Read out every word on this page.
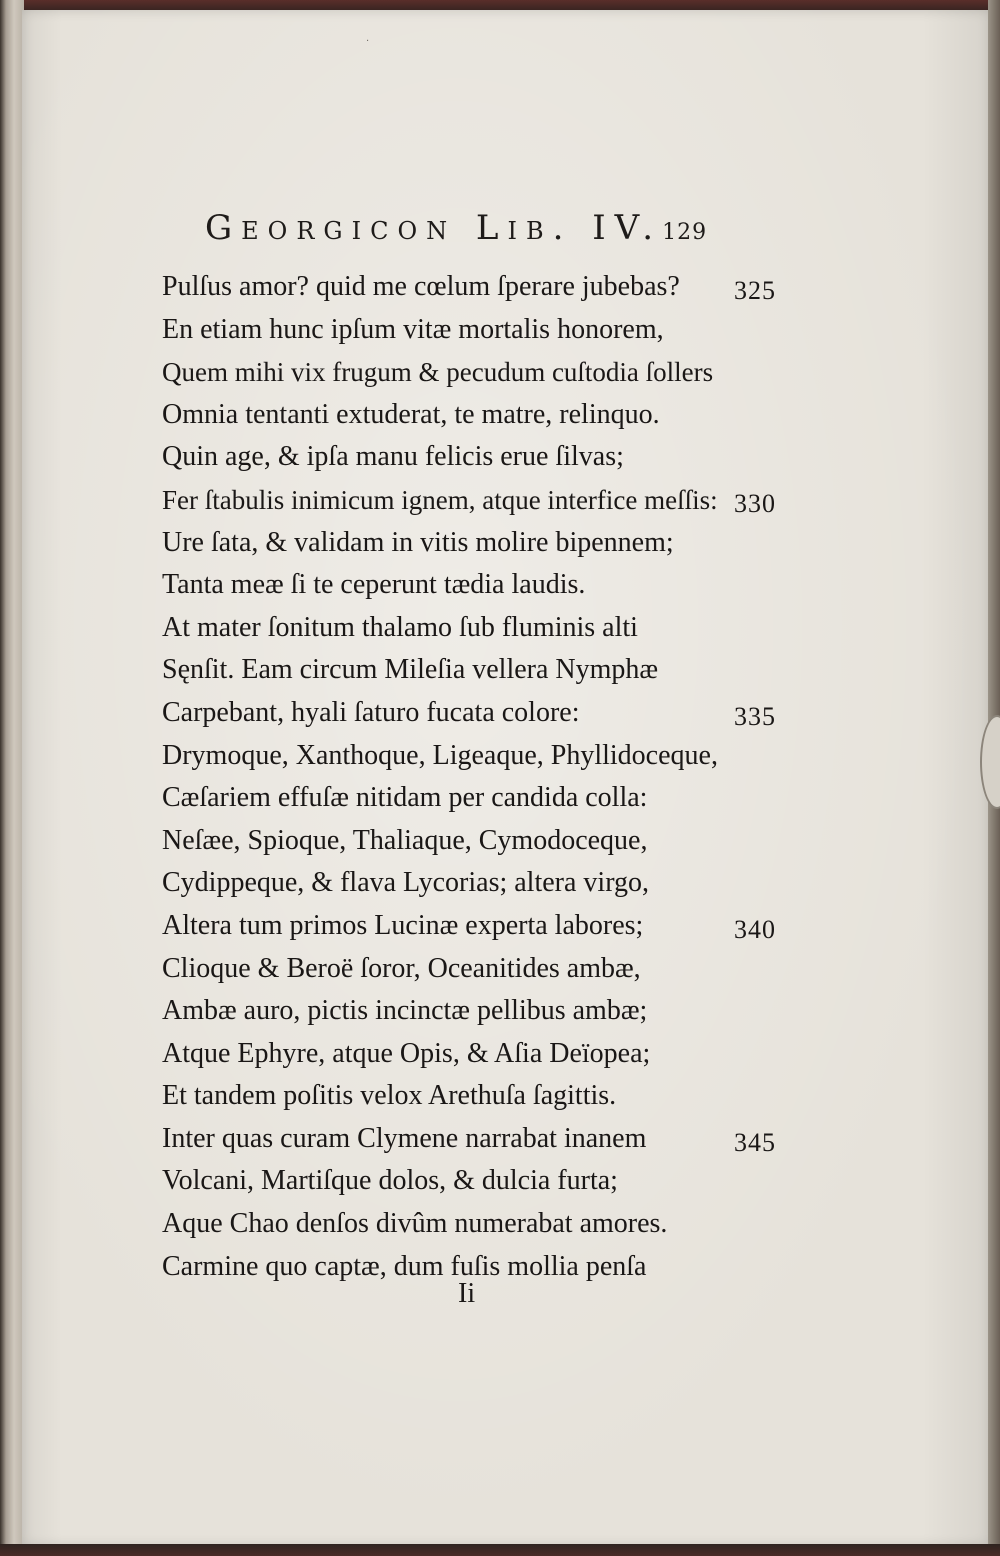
·
Georgicon Lib. IV.129
Pulſus amor? quid me cœlum ſperare jubebas? 325
En etiam hunc ipſum vitæ mortalis honorem,
Quem mihi vix frugum & pecudum cuſtodia ſollers
Omnia tentanti extuderat, te matre, relinquo.
Quin age, & ipſa manu felicis erue ſilvas;
Fer ſtabulis inimicum ignem, atque interfice meſſis: 330
Ure ſata, & validam in vitis molire bipennem;
Tanta meæ ſi te ceperunt tædia laudis.
At mater ſonitum thalamo ſub fluminis alti
Sęnſit. Eam circum Mileſia vellera Nymphæ
Carpebant, hyali ſaturo fucata colore:	335
Drymoque, Xanthoque, Ligeaque, Phyllidoceque,
Cæſariem effuſæ nitidam per candida colla:
Neſæe, Spioque, Thaliaque, Cymodoceque,
Cydippeque, & flava Lycorias; altera virgo,
Altera tum primos Lucinæ experta labores;	340
Clioque & Beroë ſoror, Oceanitides ambæ,
Ambæ auro, pictis incinctæ pellibus ambæ;
Atque Ephyre, atque Opis, & Aſia Deïopea;
Et tandem poſitis velox Arethuſa ſagittis.
Inter quas curam Clymene narrabat inanem	345
Volcani, Martiſque dolos, & dulcia furta;
Aque Chao denſos divûm numerabat amores.
Carmine quo captæ, dum fuſis mollia penſa
Ii
